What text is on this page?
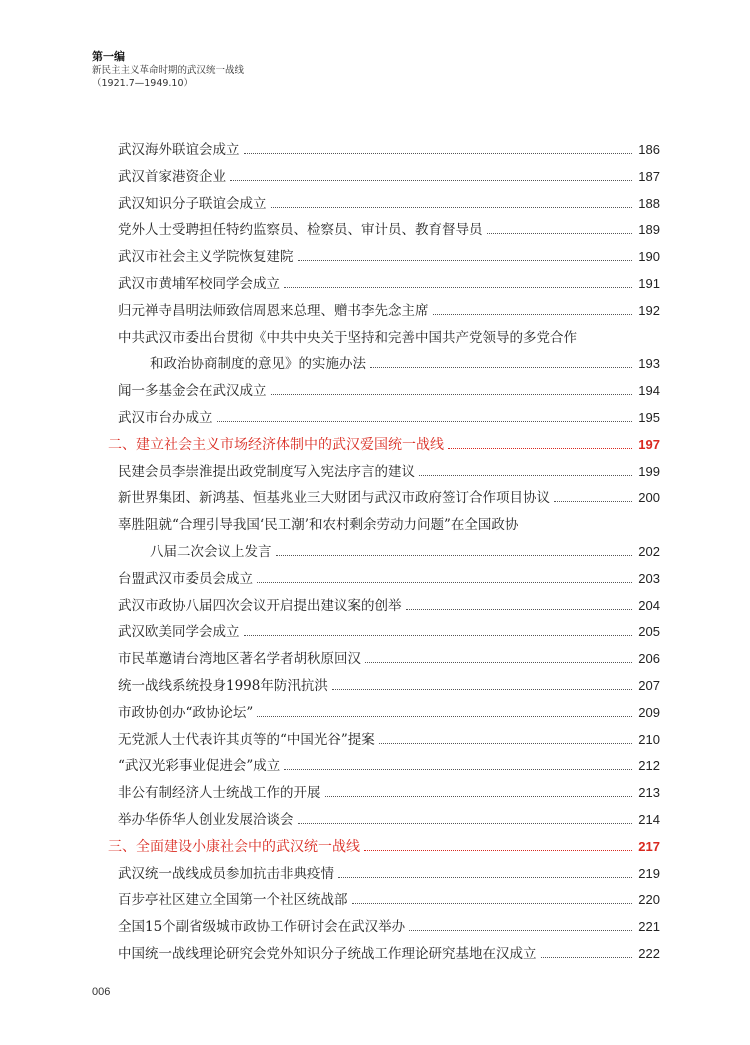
第一编
新民主主义革命时期的武汉统一战线
（1921.7—1949.10）
武汉海外联谊会成立	186
武汉首家港资企业	187
武汉知识分子联谊会成立	188
党外人士受聘担任特约监察员、检察员、审计员、教育督导员	189
武汉市社会主义学院恢复建院	190
武汉市黄埔军校同学会成立	191
归元禅寺昌明法师致信周恩来总理、赠书李先念主席	192
中共武汉市委出台贯彻《中共中央关于坚持和完善中国共产党领导的多党合作
和政治协商制度的意见》的实施办法	193
闻一多基金会在武汉成立	194
武汉市台办成立	195
二、建立社会主义市场经济体制中的武汉爱国统一战线	197
民建会员李崇淮提出政党制度写入宪法序言的建议	199
新世界集团、新鸿基、恒基兆业三大财团与武汉市政府签订合作项目协议	200
辜胜阻就“合理引导我国‘民工潮’和农村剩余劳动力问题”在全国政协
八届二次会议上发言	202
台盟武汉市委员会成立	203
武汉市政协八届四次会议开启提出建议案的创举	204
武汉欧美同学会成立	205
市民革邀请台湾地区著名学者胡秋原回汉	206
统一战线系统投身1998年防汛抗洪	207
市政协创办“政协论坛”	209
无党派人士代表许其贞等的“中国光谷”提案	210
“武汉光彩事业促进会”成立	212
非公有制经济人士统战工作的开展	213
举办华侨华人创业发展洽谈会	214
三、全面建设小康社会中的武汉统一战线	217
武汉统一战线成员参加抗击非典疫情	219
百步亭社区建立全国第一个社区统战部	220
全国15个副省级城市政协工作研讨会在武汉举办	221
中国统一战线理论研究会党外知识分子统战工作理论研究基地在汉成立	222
006
